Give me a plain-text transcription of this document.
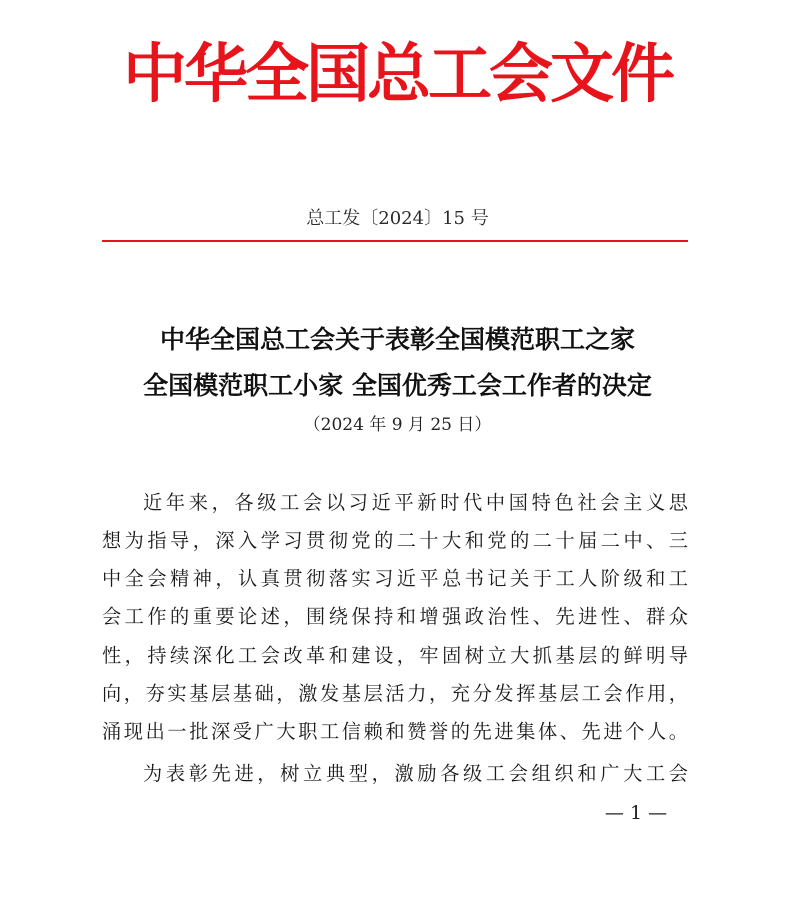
中华全国总工会文件
总工发〔2024〕15 号
中华全国总工会关于表彰全国模范职工之家
全国模范职工小家 全国优秀工会工作者的决定
（2024 年 9 月 25 日）
近年来，各级工会以习近平新时代中国特色社会主义思
想为指导，深入学习贯彻党的二十大和党的二十届二中、三
中全会精神，认真贯彻落实习近平总书记关于工人阶级和工
会工作的重要论述，围绕保持和增强政治性、先进性、群众
性，持续深化工会改革和建设，牢固树立大抓基层的鲜明导
向，夯实基层基础，激发基层活力，充分发挥基层工会作用，
涌现出一批深受广大职工信赖和赞誉的先进集体、先进个人。
为表彰先进，树立典型，激励各级工会组织和广大工会
— 1 —
